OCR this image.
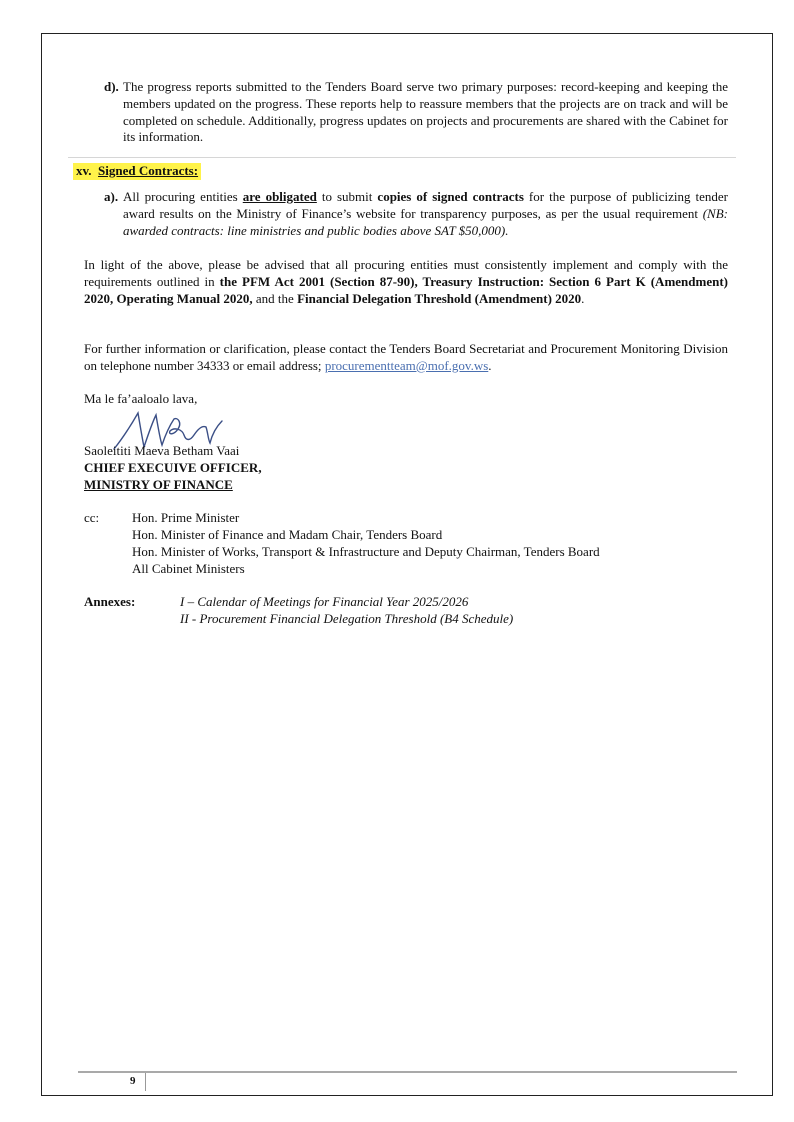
d). The progress reports submitted to the Tenders Board serve two primary purposes: record-keeping and keeping the members updated on the progress. These reports help to reassure members that the projects are on track and will be completed on schedule. Additionally, progress updates on projects and procurements are shared with the Cabinet for its information.
xv. Signed Contracts:
a). All procuring entities are obligated to submit copies of signed contracts for the purpose of publicizing tender award results on the Ministry of Finance’s website for transparency purposes, as per the usual requirement (NB: awarded contracts: line ministries and public bodies above SAT $50,000).
In light of the above, please be advised that all procuring entities must consistently implement and comply with the requirements outlined in the PFM Act 2001 (Section 87-90), Treasury Instruction: Section 6 Part K (Amendment) 2020, Operating Manual 2020, and the Financial Delegation Threshold (Amendment) 2020.
For further information or clarification, please contact the Tenders Board Secretariat and Procurement Monitoring Division on telephone number 34333 or email address; procurementteam@mof.gov.ws.
Ma le fa’aaloalo lava,
Saoleititi Maeva Betham Vaai
CHIEF EXECUIVE OFFICER,
MINISTRY OF FINANCE
cc:	Hon. Prime Minister
Hon. Minister of Finance and Madam Chair, Tenders Board
Hon. Minister of Works, Transport & Infrastructure and Deputy Chairman, Tenders Board
All Cabinet Ministers
Annexes:	I – Calendar of Meetings for Financial Year 2025/2026
II - Procurement Financial Delegation Threshold (B4 Schedule)
9
